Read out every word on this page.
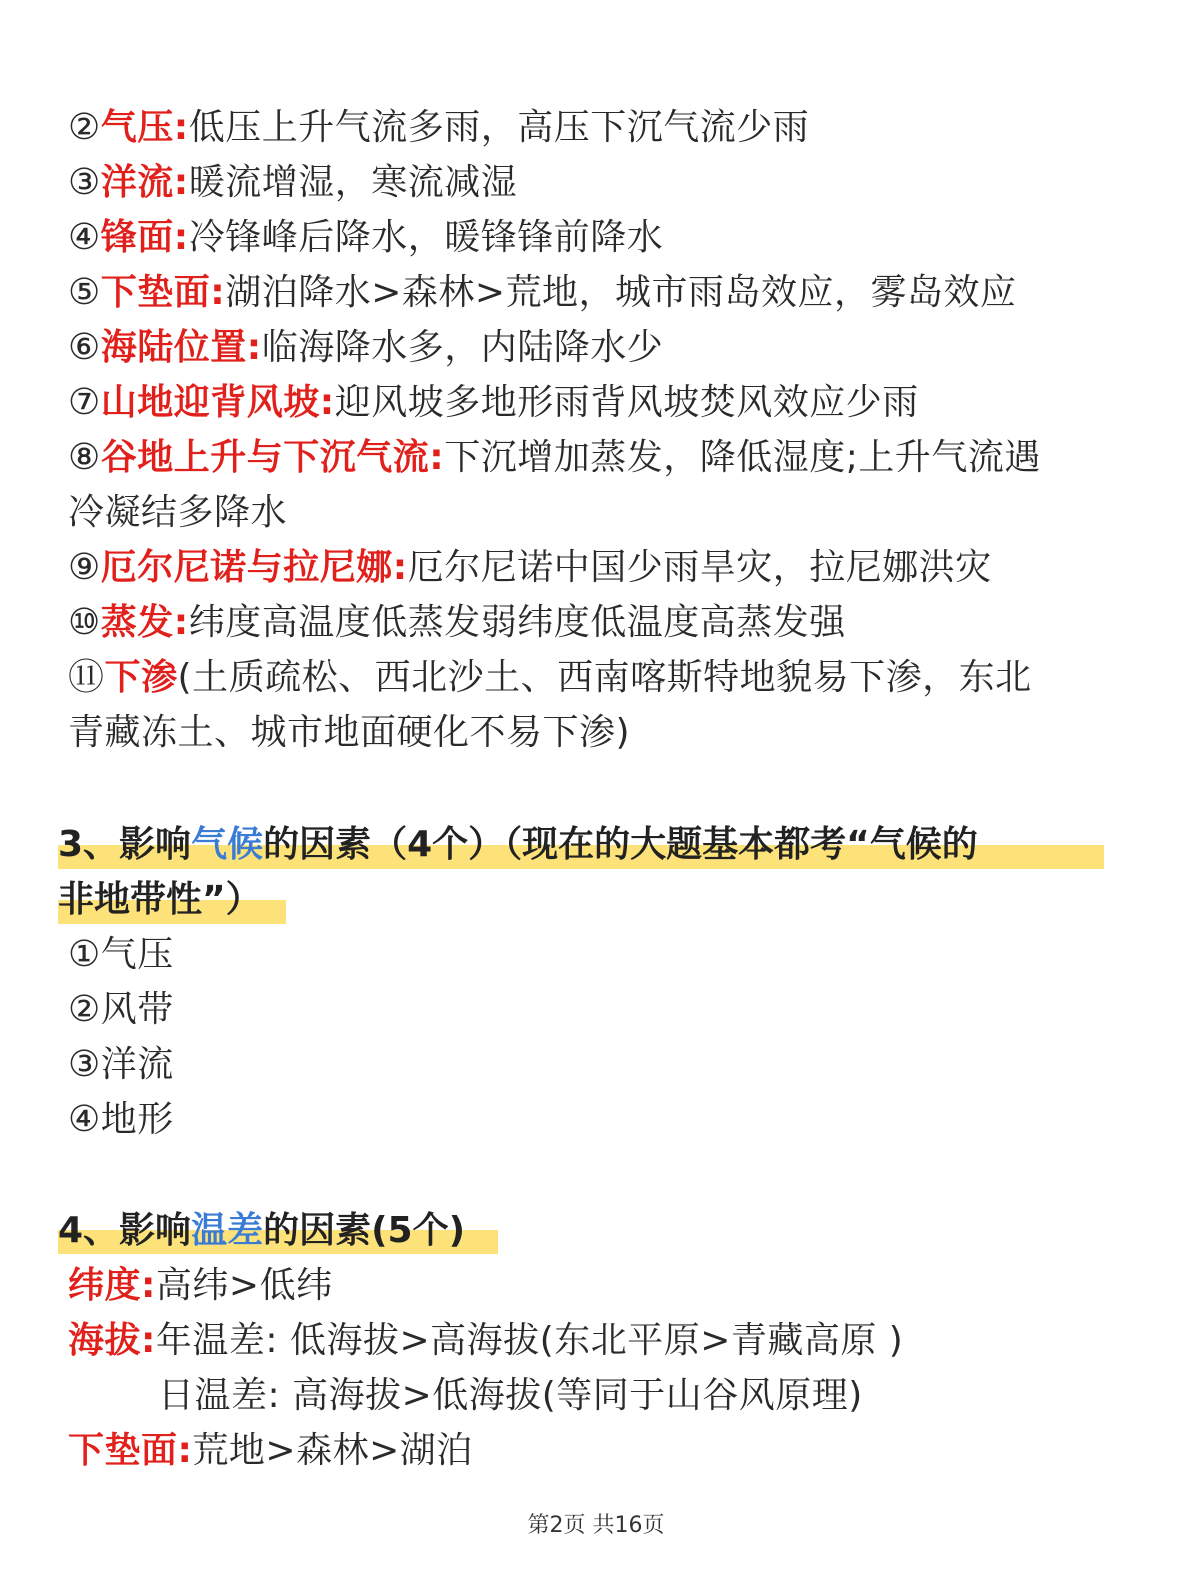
②气压:低压上升气流多雨，高压下沉气流少雨
③洋流:暖流增湿，寒流减湿
④锋面:冷锋峰后降水，暖锋锋前降水
⑤下垫面:湖泊降水>森林>荒地，城市雨岛效应，雾岛效应
⑥海陆位置:临海降水多，内陆降水少
⑦山地迎背风坡:迎风坡多地形雨背风坡焚风效应少雨
⑧谷地上升与下沉气流:下沉增加蒸发，降低湿度;上升气流遇
冷凝结多降水
⑨厄尔尼诺与拉尼娜:厄尔尼诺中国少雨旱灾，拉尼娜洪灾
⑩蒸发:纬度高温度低蒸发弱纬度低温度高蒸发强
⑪下渗(土质疏松、西北沙土、西南喀斯特地貌易下渗，东北
青藏冻土、城市地面硬化不易下渗)
3、影响气候的因素（4个）（现在的大题基本都考“气候的
非地带性”）
①气压
②风带
③洋流
④地形
4、影响温差的因素(5个)
纬度:高纬>低纬
海拔:年温差: 低海拔>高海拔(东北平原>青藏高原 )
日温差: 高海拔>低海拔(等同于山谷风原理)
下垫面:荒地>森林>湖泊
第2页 共16页
